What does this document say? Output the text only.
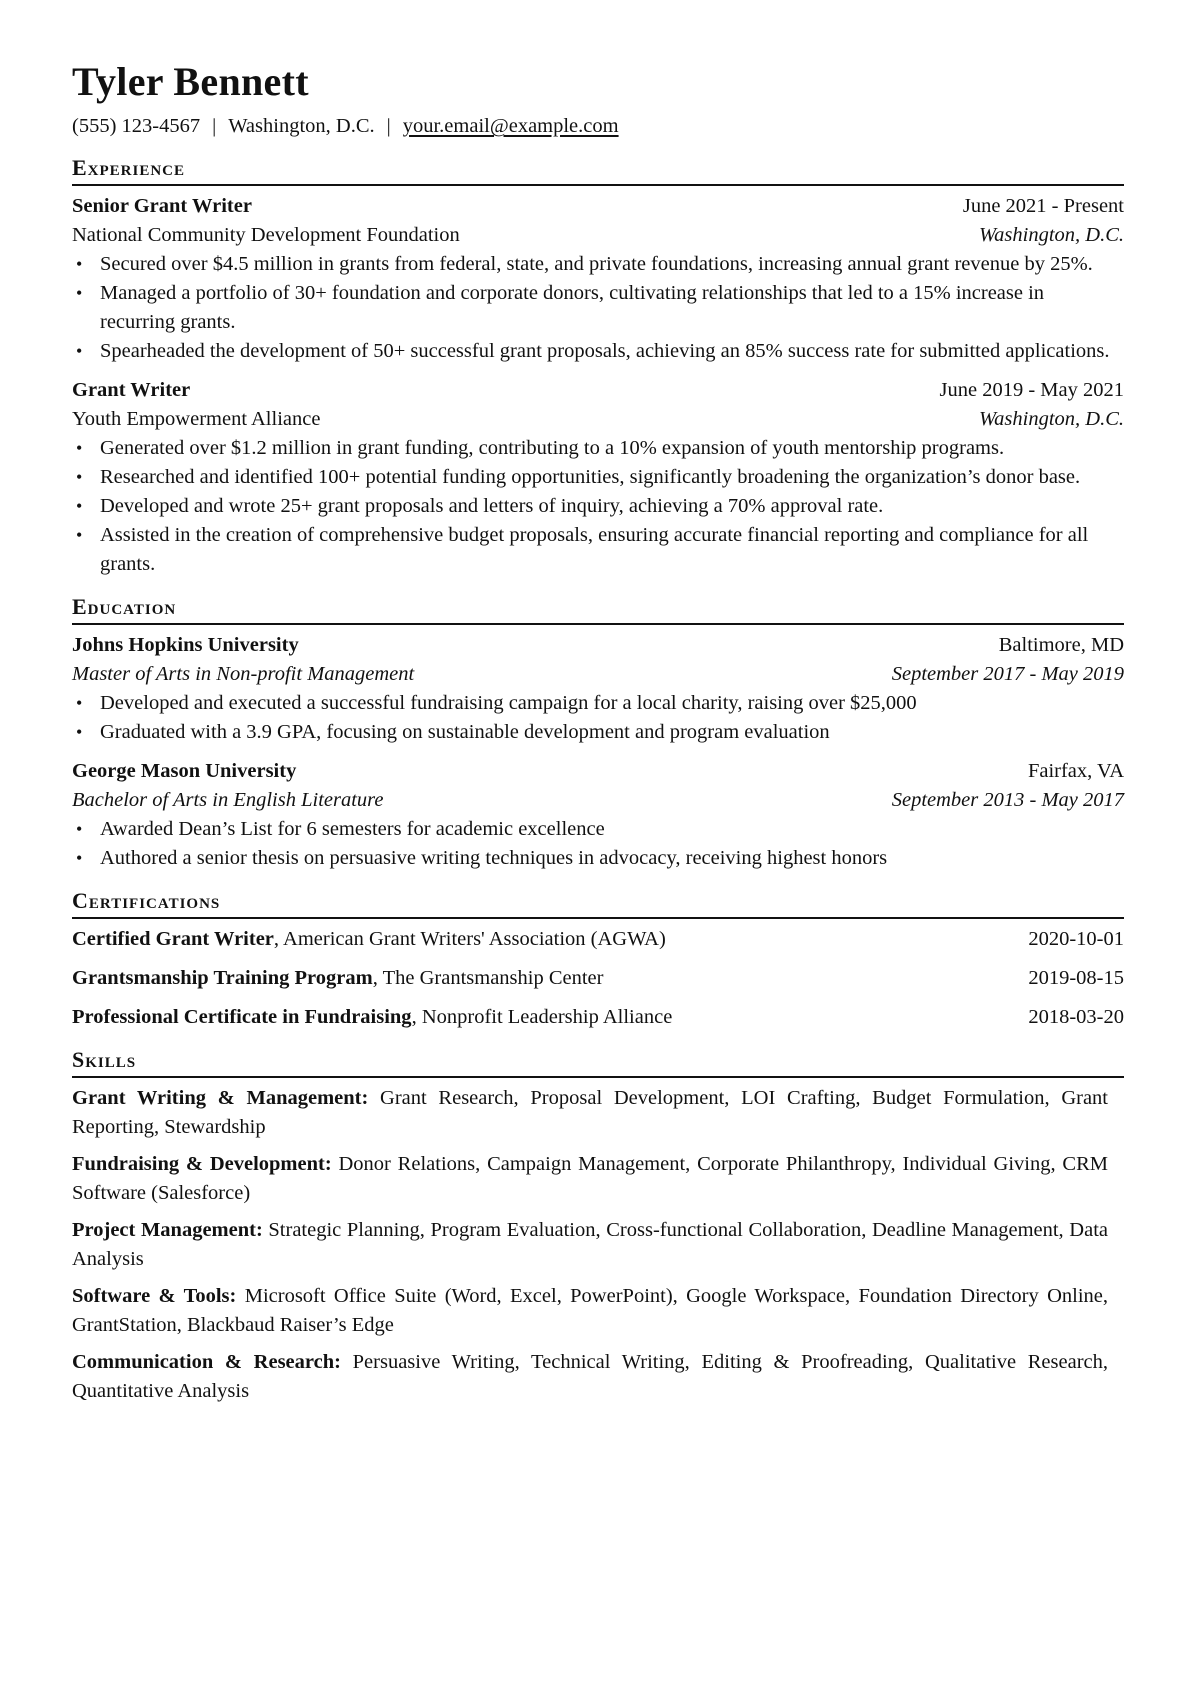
Tyler Bennett
(555) 123-4567 | Washington, D.C. | your.email@example.com
Experience
Senior Grant Writer	June 2021 - Present
National Community Development Foundation	Washington, D.C.
• Secured over $4.5 million in grants from federal, state, and private foundations, increasing annual grant revenue by 25%.
• Managed a portfolio of 30+ foundation and corporate donors, cultivating relationships that led to a 15% increase in recurring grants.
• Spearheaded the development of 50+ successful grant proposals, achieving an 85% success rate for submitted applications.
Grant Writer	June 2019 - May 2021
Youth Empowerment Alliance	Washington, D.C.
• Generated over $1.2 million in grant funding, contributing to a 10% expansion of youth mentorship programs.
• Researched and identified 100+ potential funding opportunities, significantly broadening the organization’s donor base.
• Developed and wrote 25+ grant proposals and letters of inquiry, achieving a 70% approval rate.
• Assisted in the creation of comprehensive budget proposals, ensuring accurate financial reporting and compliance for all grants.
Education
Johns Hopkins University	Baltimore, MD
Master of Arts in Non-profit Management	September 2017 - May 2019
• Developed and executed a successful fundraising campaign for a local charity, raising over $25,000
• Graduated with a 3.9 GPA, focusing on sustainable development and program evaluation
George Mason University	Fairfax, VA
Bachelor of Arts in English Literature	September 2013 - May 2017
• Awarded Dean’s List for 6 semesters for academic excellence
• Authored a senior thesis on persuasive writing techniques in advocacy, receiving highest honors
Certifications
Certified Grant Writer, American Grant Writers' Association (AGWA)	2020-10-01
Grantsmanship Training Program, The Grantsmanship Center	2019-08-15
Professional Certificate in Fundraising, Nonprofit Leadership Alliance	2018-03-20
Skills
Grant Writing & Management: Grant Research, Proposal Development, LOI Crafting, Budget Formulation, Grant Reporting, Stewardship
Fundraising & Development: Donor Relations, Campaign Management, Corporate Philanthropy, Individual Giving, CRM Software (Salesforce)
Project Management: Strategic Planning, Program Evaluation, Cross-functional Collaboration, Deadline Management, Data Analysis
Software & Tools: Microsoft Office Suite (Word, Excel, PowerPoint), Google Workspace, Foundation Directory Online, GrantStation, Blackbaud Raiser’s Edge
Communication & Research: Persuasive Writing, Technical Writing, Editing & Proofreading, Qualitative Research, Quantitative Analysis
